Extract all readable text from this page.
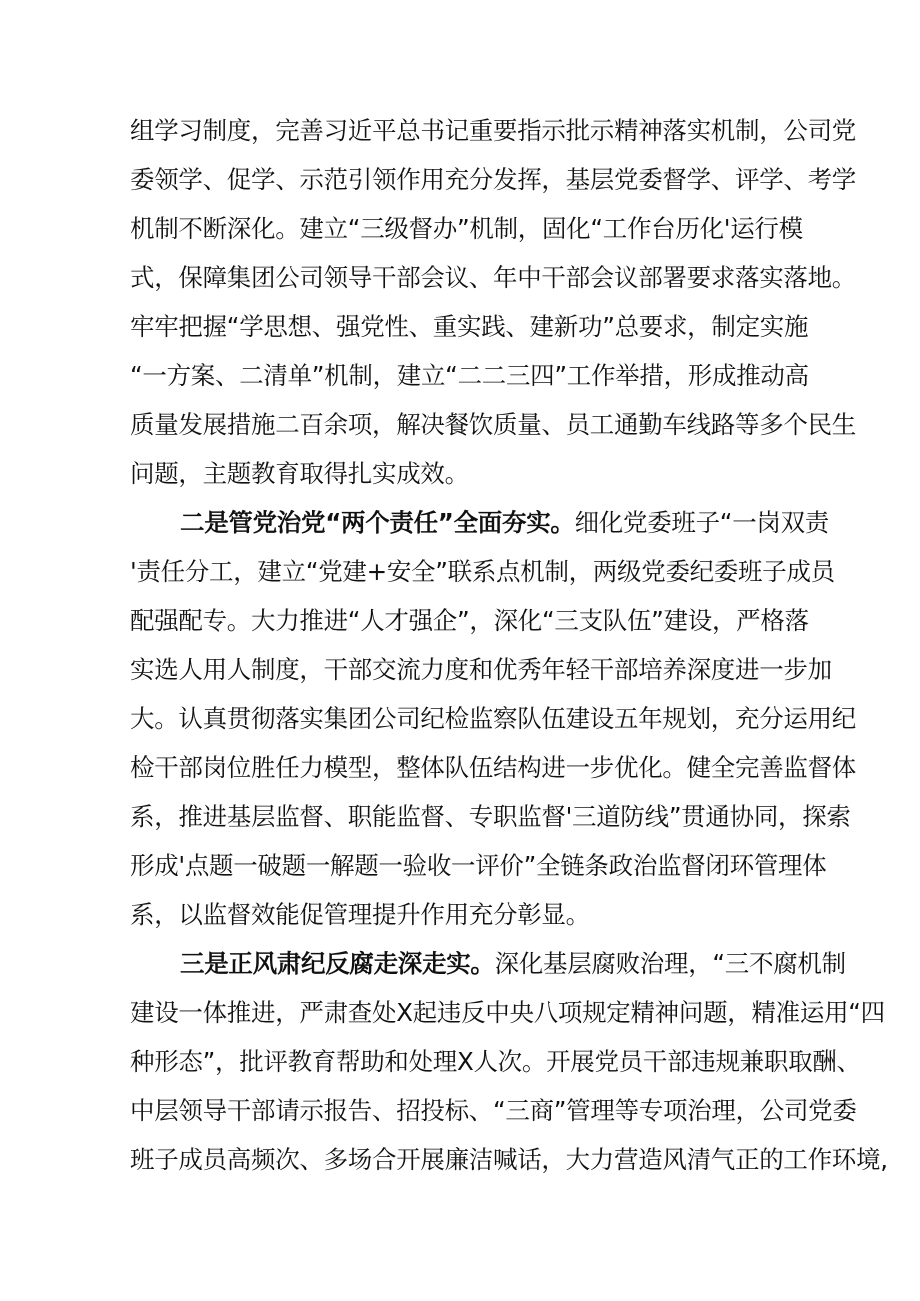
组学习制度，完善习近平总书记重要指示批示精神落实机制，公司党
委领学、促学、示范引领作用充分发挥，基层党委督学、评学、考学
机制不断深化。建立“三级督办”机制，固化“工作台历化'运行模
式，保障集团公司领导干部会议、年中干部会议部署要求落实落地。
牢牢把握“学思想、强党性、重实践、建新功”总要求，制定实施
“一方案、二清单”机制，建立“二二三四”工作举措，形成推动高
质量发展措施二百余项，解决餐饮质量、员工通勤车线路等多个民生
问题，主题教育取得扎实成效。
二是管党治党“两个责任”全面夯实。细化党委班子“一岗双责
'责任分工，建立“党建+安全”联系点机制，两级党委纪委班子成员
配强配专。大力推进“人才强企”，深化“三支队伍”建设，严格落
实选人用人制度，干部交流力度和优秀年轻干部培养深度进一步加
大。认真贯彻落实集团公司纪检监察队伍建设五年规划，充分运用纪
检干部岗位胜任力模型，整体队伍结构进一步优化。健全完善监督体
系，推进基层监督、职能监督、专职监督'三道防线”贯通协同，探索
形成'点题一破题一解题一验收一评价”全链条政治监督闭环管理体
系，以监督效能促管理提升作用充分彰显。
三是正风肃纪反腐走深走实。深化基层腐败治理，“三不腐机制
建设一体推进，严肃查处X起违反中央八项规定精神问题，精准运用“四
种形态”，批评教育帮助和处理X人次。开展党员干部违规兼职取酬、
中层领导干部请示报告、招投标、“三商”管理等专项治理，公司党委
班子成员高频次、多场合开展廉洁喊话，大力营造风清气正的工作环境,
